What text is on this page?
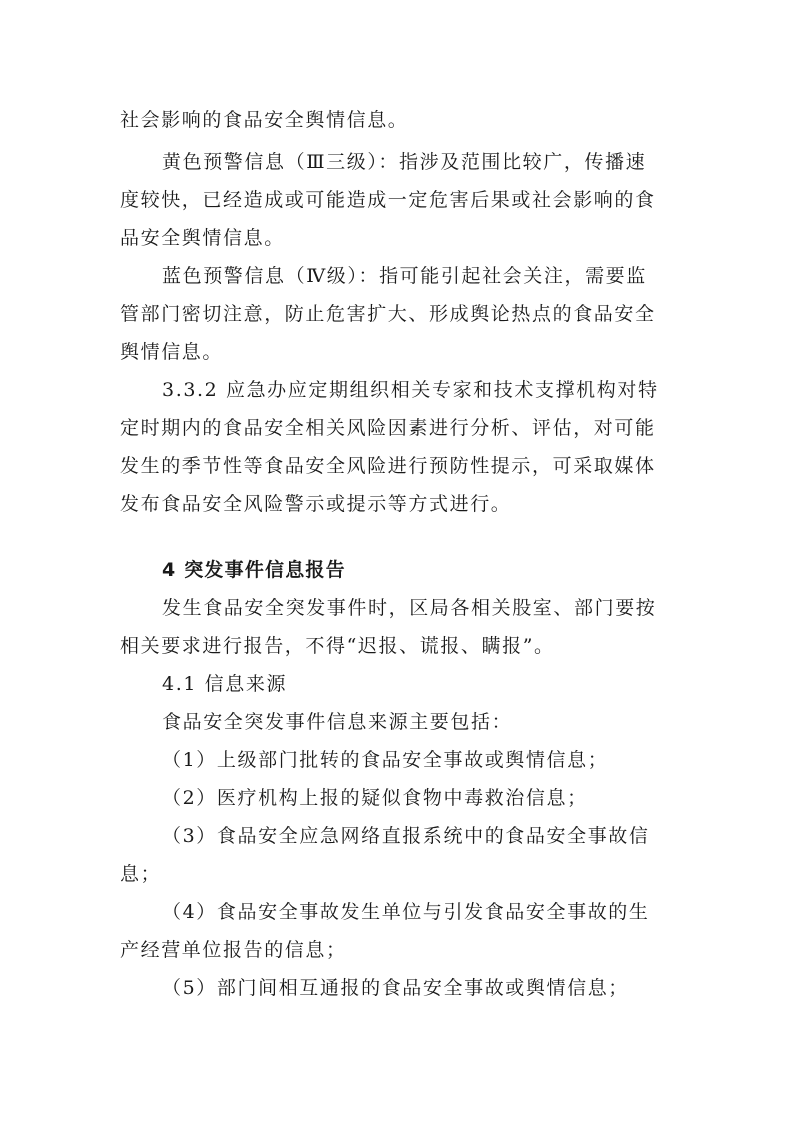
社会影响的食品安全舆情信息。
黄色预警信息（Ⅲ三级）：指涉及范围比较广，传播速
度较快，已经造成或可能造成一定危害后果或社会影响的食
品安全舆情信息。
蓝色预警信息（Ⅳ级）：指可能引起社会关注，需要监
管部门密切注意，防止危害扩大、形成舆论热点的食品安全
舆情信息。
3.3.2 应急办应定期组织相关专家和技术支撑机构对特
定时期内的食品安全相关风险因素进行分析、评估，对可能
发生的季节性等食品安全风险进行预防性提示，可采取媒体
发布食品安全风险警示或提示等方式进行。
4 突发事件信息报告
发生食品安全突发事件时，区局各相关股室、部门要按
相关要求进行报告，不得“迟报、谎报、瞒报”。
4.1 信息来源
食品安全突发事件信息来源主要包括：
（1）上级部门批转的食品安全事故或舆情信息；
（2）医疗机构上报的疑似食物中毒救治信息；
（3）食品安全应急网络直报系统中的食品安全事故信
息；
（4）食品安全事故发生单位与引发食品安全事故的生
产经营单位报告的信息；
（5）部门间相互通报的食品安全事故或舆情信息；
